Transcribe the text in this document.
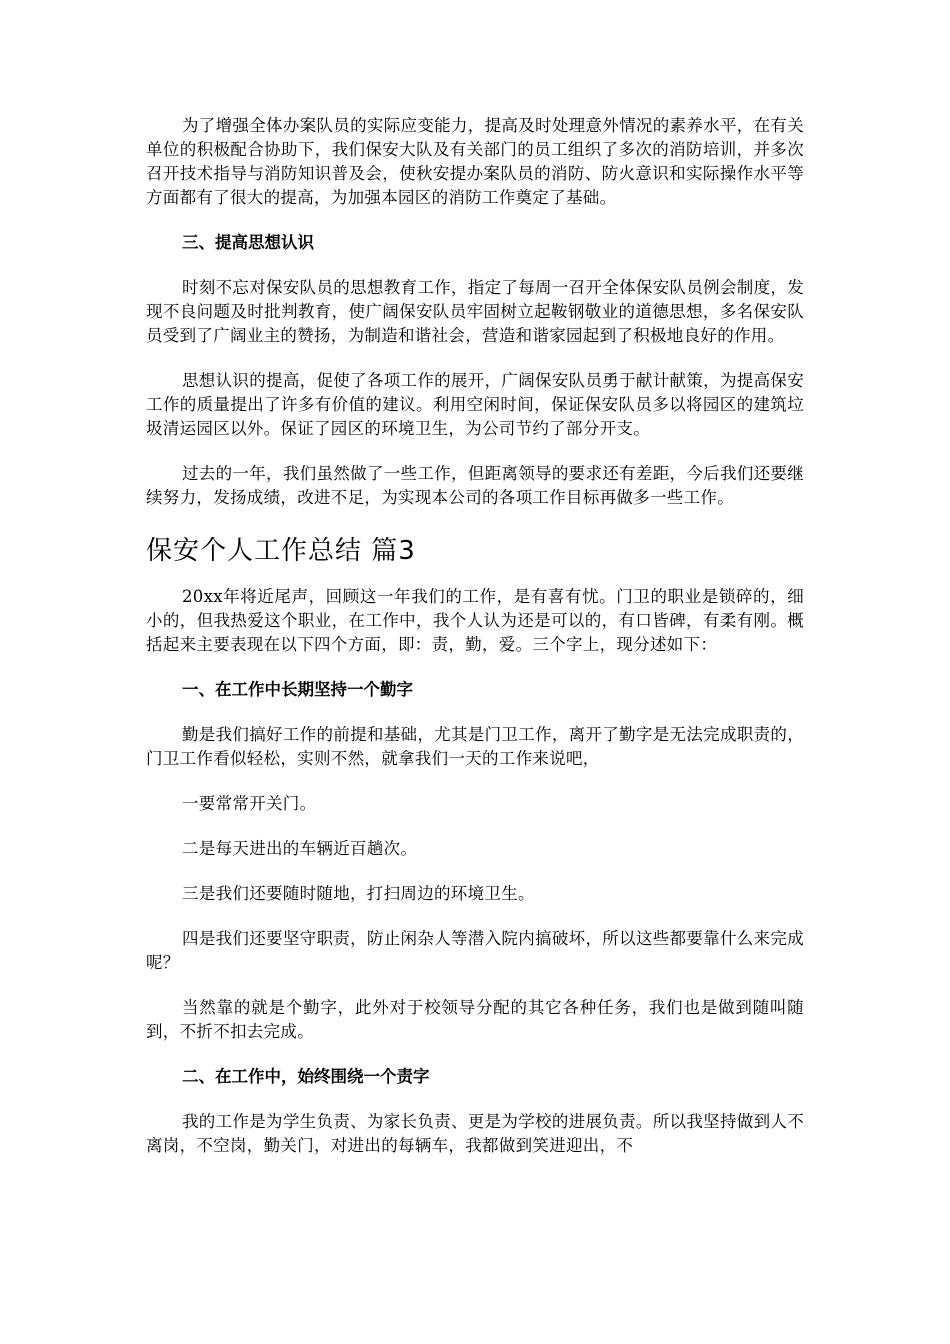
为了增强全体办案队员的实际应变能力，提高及时处理意外情况的素养水平，在有关单位的积极配合协助下，我们保安大队及有关部门的员工组织了多次的消防培训，并多次召开技术指导与消防知识普及会，使秋安提办案队员的消防、防火意识和实际操作水平等方面都有了很大的提高，为加强本园区的消防工作奠定了基础。

三、提高思想认识

时刻不忘对保安队员的思想教育工作，指定了每周一召开全体保安队员例会制度，发现不良问题及时批判教育，使广阔保安队员牢固树立起鞍钢敬业的道德思想，多名保安队员受到了广阔业主的赞扬，为制造和谐社会，营造和谐家园起到了积极地良好的作用。

思想认识的提高，促使了各项工作的展开，广阔保安队员勇于献计献策，为提高保安工作的质量提出了许多有价值的建议。利用空闲时间，保证保安队员多以将园区的建筑垃圾清运园区以外。保证了园区的环境卫生，为公司节约了部分开支。

过去的一年，我们虽然做了一些工作，但距离领导的要求还有差距，今后我们还要继续努力，发扬成绩，改进不足，为实现本公司的各项工作目标再做多一些工作。

保安个人工作总结 篇3

20xx年将近尾声，回顾这一年我们的工作，是有喜有忧。门卫的职业是锁碎的，细小的，但我热爱这个职业，在工作中，我个人认为还是可以的，有口皆碑，有柔有刚。概括起来主要表现在以下四个方面，即：责，勤，爱。三个字上，现分述如下：

一、在工作中长期坚持一个勤字

勤是我们搞好工作的前提和基础，尤其是门卫工作，离开了勤字是无法完成职责的，门卫工作看似轻松，实则不然，就拿我们一天的工作来说吧，

一要常常开关门。

二是每天进出的车辆近百趟次。

三是我们还要随时随地，打扫周边的环境卫生。

四是我们还要坚守职责，防止闲杂人等潜入院内搞破坏，所以这些都要靠什么来完成呢？

当然靠的就是个勤字，此外对于校领导分配的其它各种任务，我们也是做到随叫随到，不折不扣去完成。

二、在工作中，始终围绕一个责字

我的工作是为学生负责、为家长负责、更是为学校的进展负责。所以我坚持做到人不离岗，不空岗，勤关门，对进出的每辆车，我都做到笑进迎出，不
